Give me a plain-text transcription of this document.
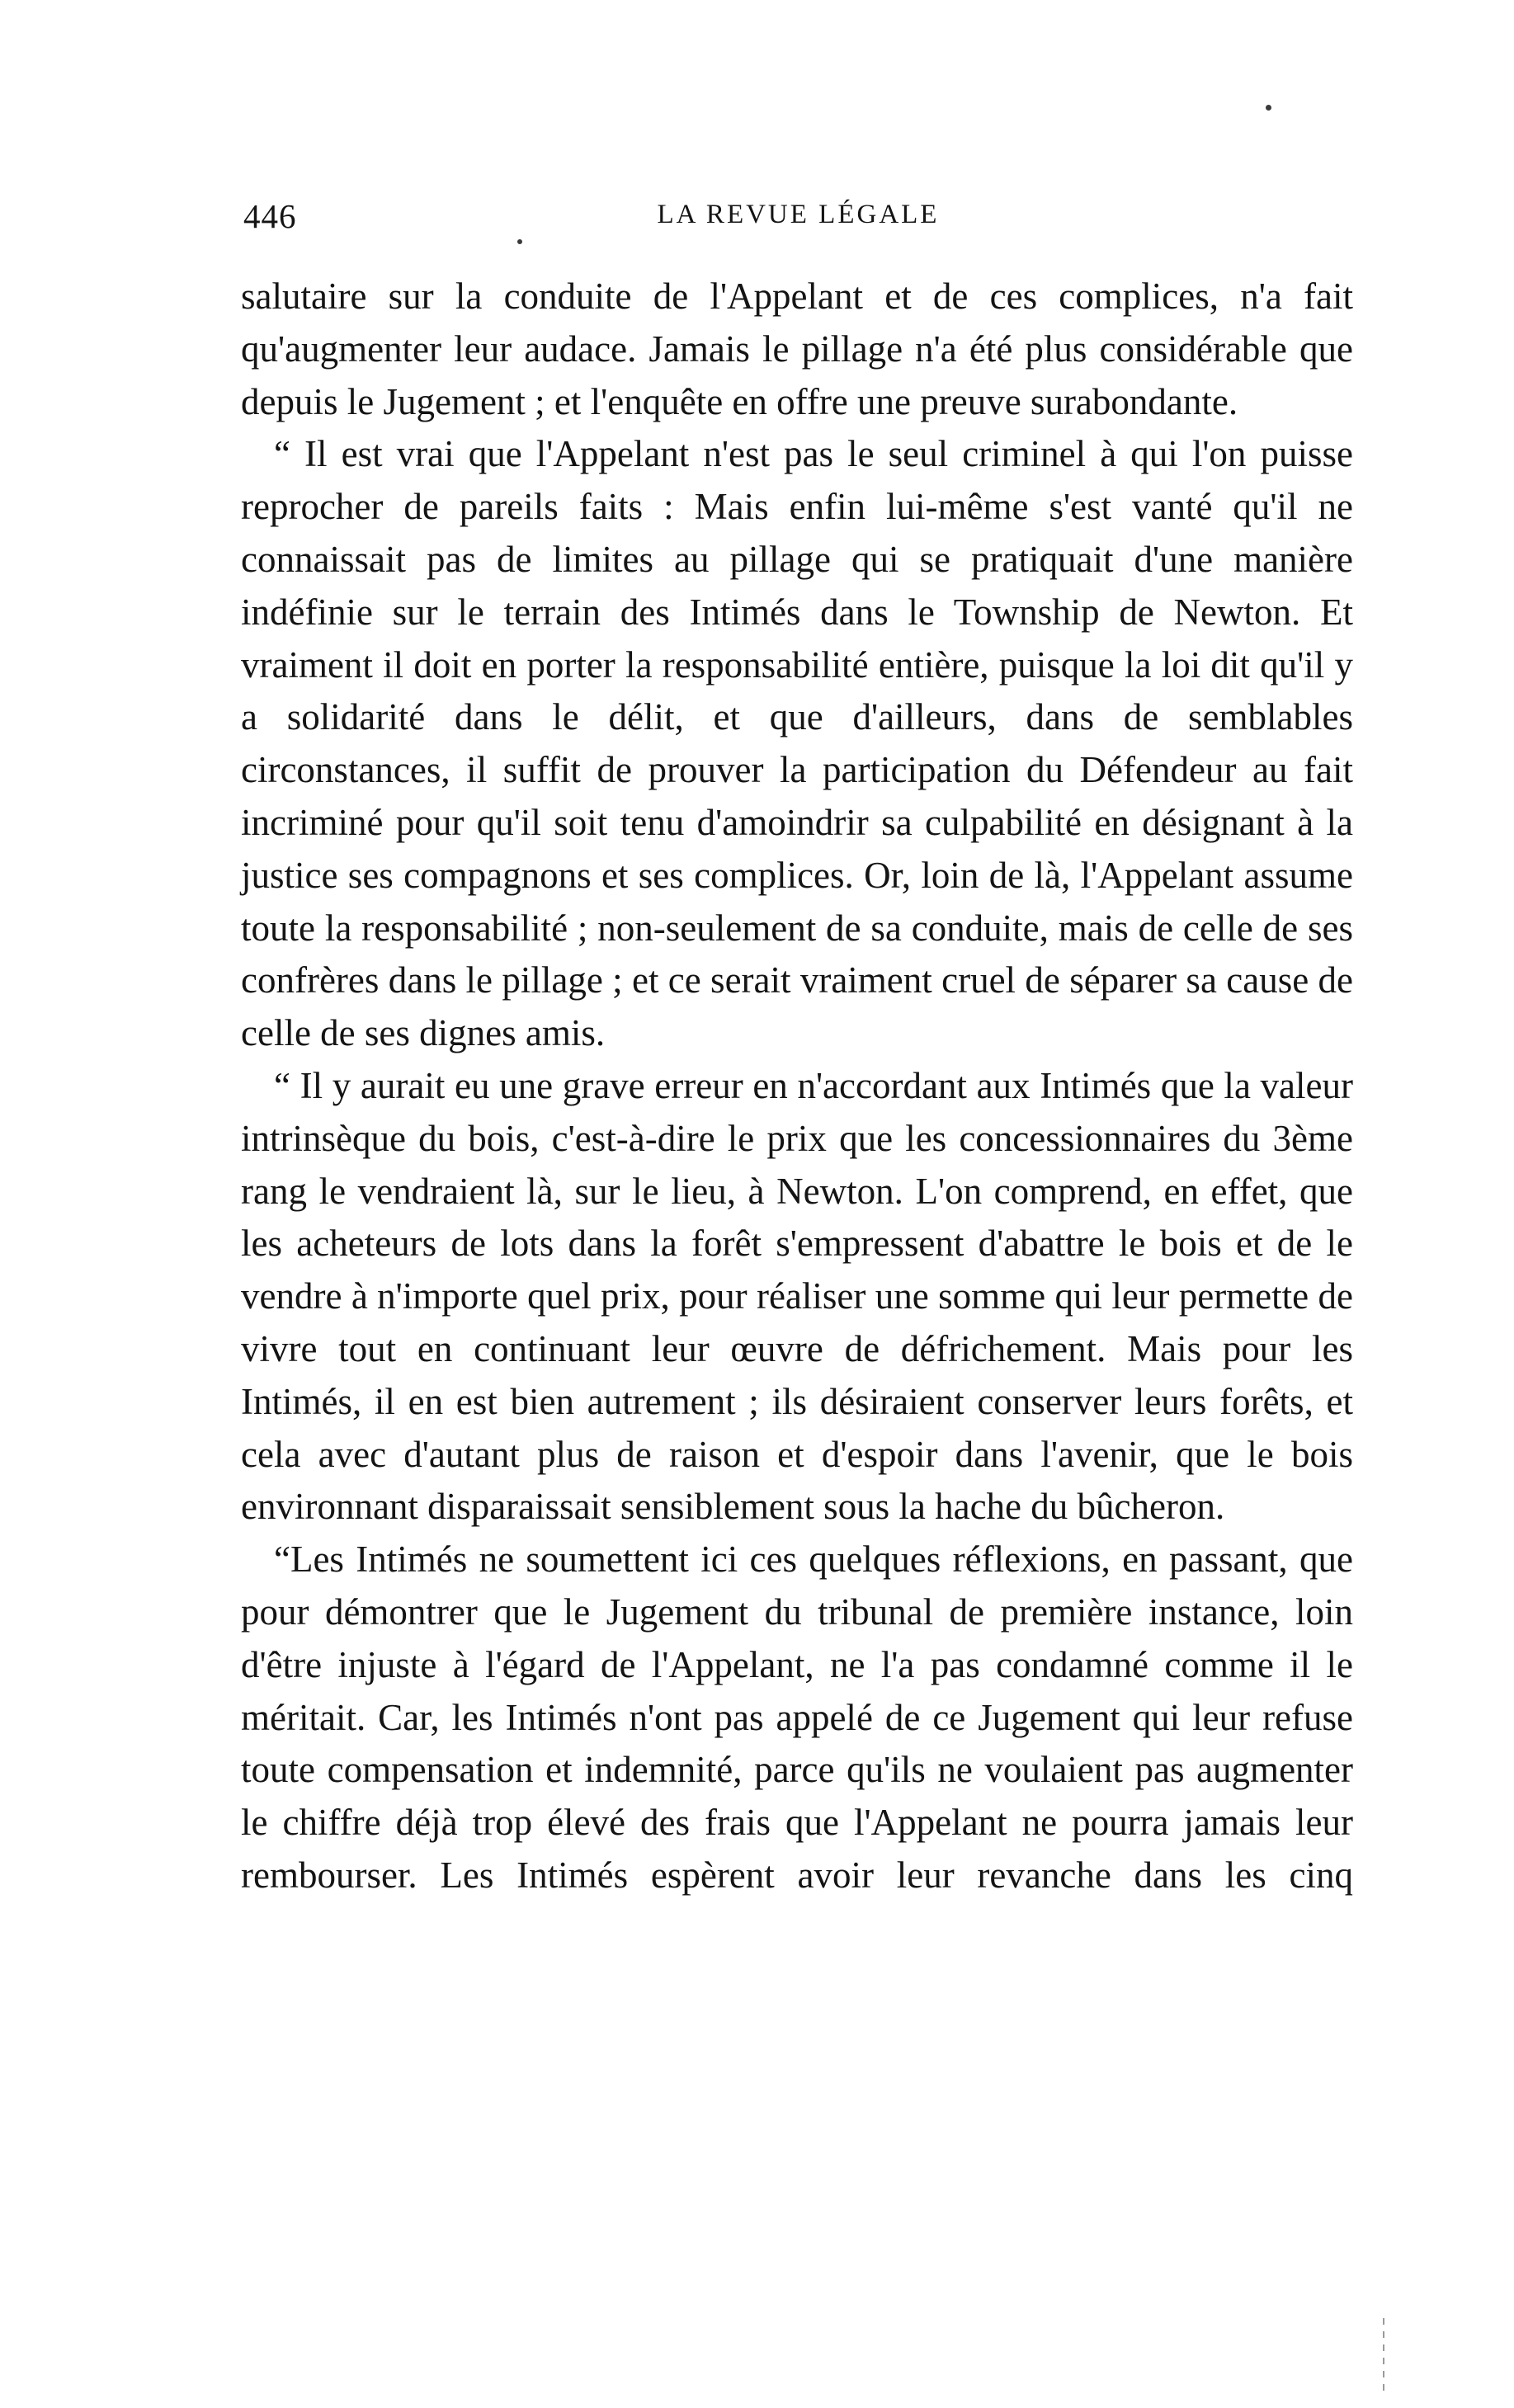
446	LA REVUE LÉGALE

salutaire sur la conduite de l'Appelant et de ces complices, n'a fait qu'augmenter leur audace. Jamais le pillage n'a été plus considérable que depuis le Jugement ; et l'enquête en offre une preuve surabondante.

“ Il est vrai que l'Appelant n'est pas le seul criminel à qui l'on puisse reprocher de pareils faits : Mais enfin lui-même s'est vanté qu'il ne connaissait pas de limites au pillage qui se pratiquait d'une manière indéfinie sur le terrain des Intimés dans le Township de Newton. Et vraiment il doit en porter la responsabilité entière, puisque la loi dit qu'il y a solidarité dans le délit, et que d'ailleurs, dans de semblables circonstances, il suffit de prouver la participation du Défendeur au fait incriminé pour qu'il soit tenu d'amoindrir sa culpabilité en désignant à la justice ses compagnons et ses complices. Or, loin de là, l'Appelant assume toute la responsabilité ; non-seulement de sa conduite, mais de celle de ses confrères dans le pillage ; et ce serait vraiment cruel de séparer sa cause de celle de ses dignes amis.

“ Il y aurait eu une grave erreur en n'accordant aux Intimés que la valeur intrinsèque du bois, c'est-à-dire le prix que les concessionnaires du 3ème rang le vendraient là, sur le lieu, à Newton. L'on comprend, en effet, que les acheteurs de lots dans la forêt s'empressent d'abattre le bois et de le vendre à n'importe quel prix, pour réaliser une somme qui leur permette de vivre tout en continuant leur œuvre de défrichement. Mais pour les Intimés, il en est bien autrement ; ils désiraient conserver leurs forêts, et cela avec d'autant plus de raison et d'espoir dans l'avenir, que le bois environnant disparaissait sensiblement sous la hache du bûcheron.

“Les Intimés ne soumettent ici ces quelques réflexions, en passant, que pour démontrer que le Jugement du tribunal de première instance, loin d'être injuste à l'égard de l'Appelant, ne l'a pas condamné comme il le méritait. Car, les Intimés n'ont pas appelé de ce Jugement qui leur refuse toute compensation et indemnité, parce qu'ils ne voulaient pas augmenter le chiffre déjà trop élevé des frais que l'Appelant ne pourra jamais leur rembourser. Les Intimés espèrent avoir leur revanche dans les cinq
